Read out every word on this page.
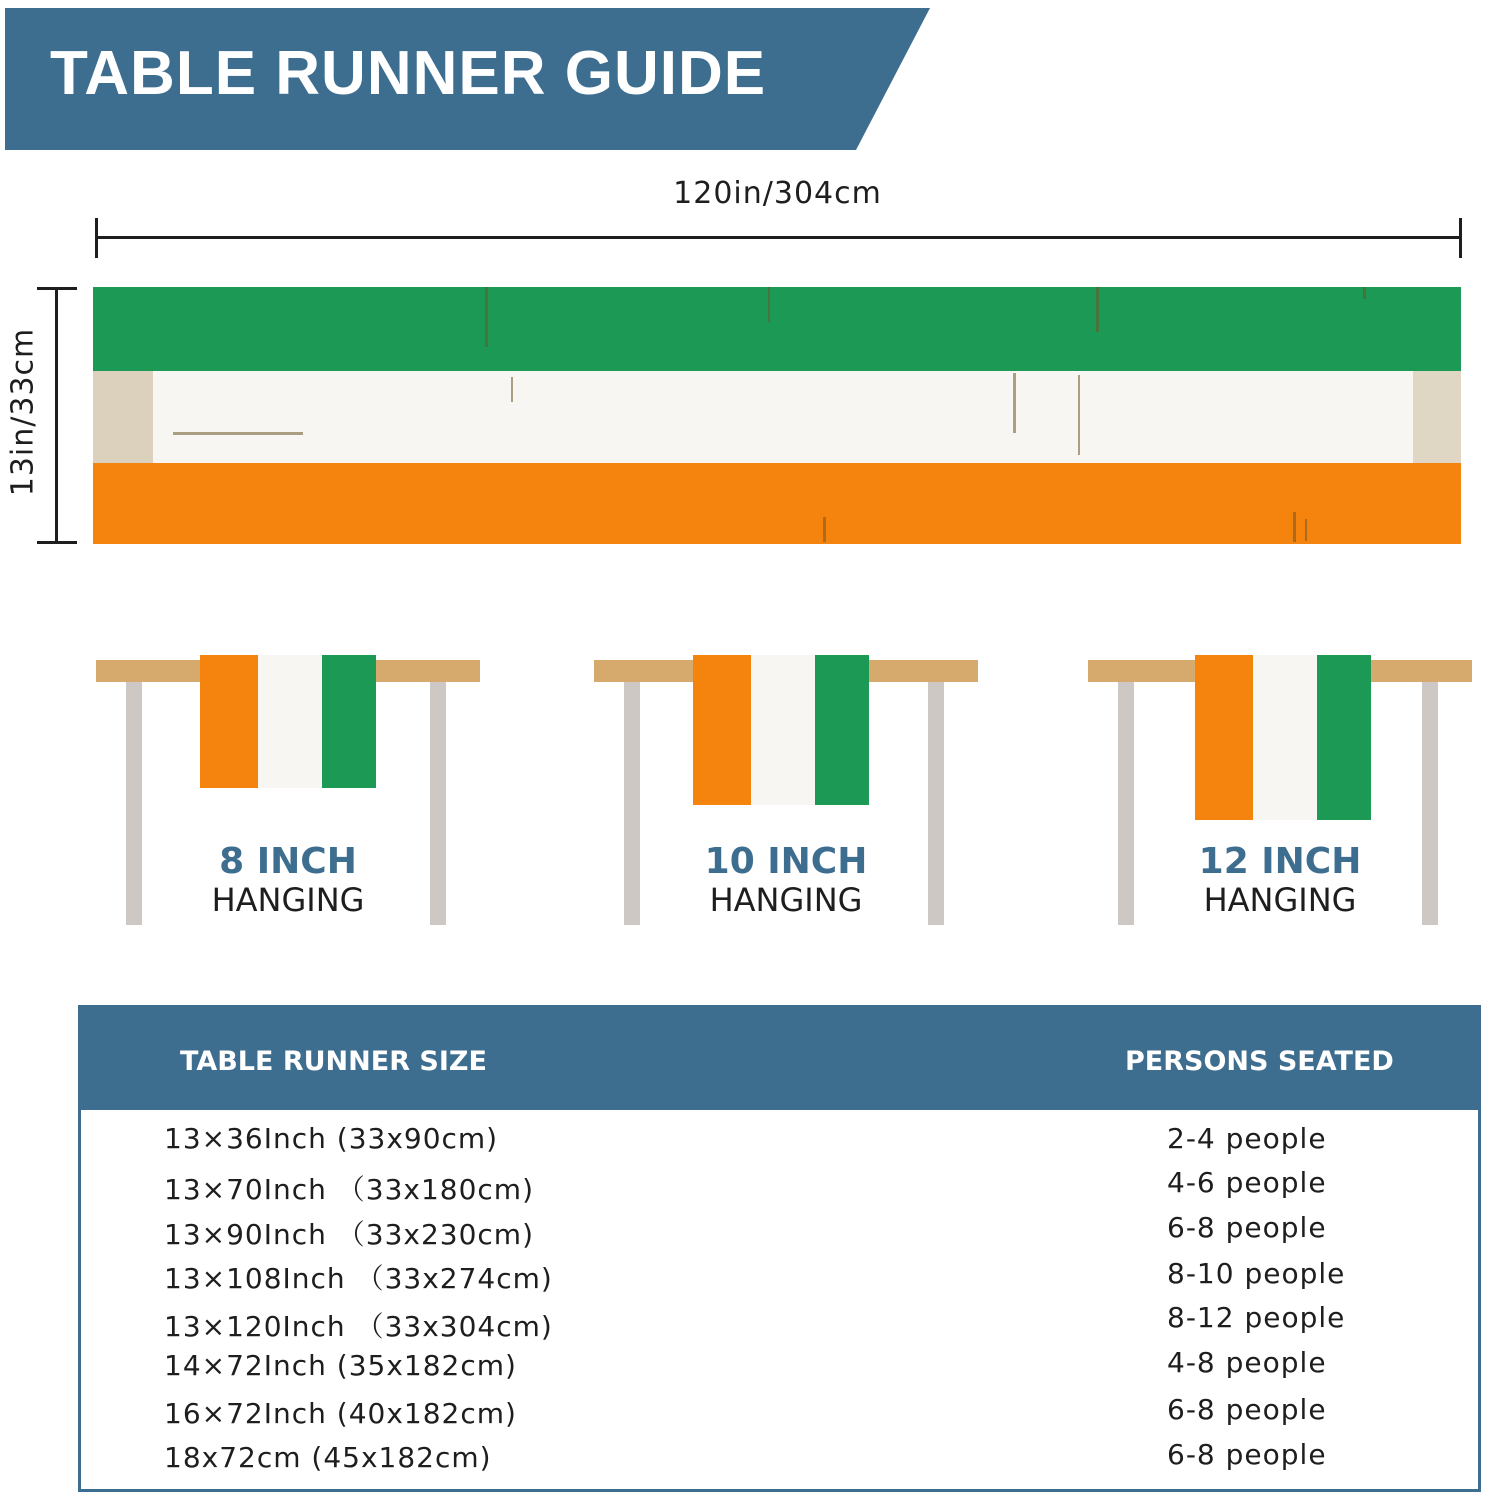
TABLE RUNNER GUIDE
120in/304cm
13in/33cm
8 INCH
HANGING
10 INCH
HANGING
12 INCH
HANGING
TABLE RUNNER SIZE	PERSONS SEATED
13×36Inch (33x90cm)	2-4 people
13×70Inch （33x180cm)	4-6 people
13×90Inch （33x230cm)	6-8 people
13×108Inch （33x274cm)	8-10 people
13×120Inch （33x304cm)	8-12 people
14×72Inch (35x182cm)	4-8 people
16×72Inch (40x182cm)	6-8 people
18x72cm (45x182cm)	6-8 people
